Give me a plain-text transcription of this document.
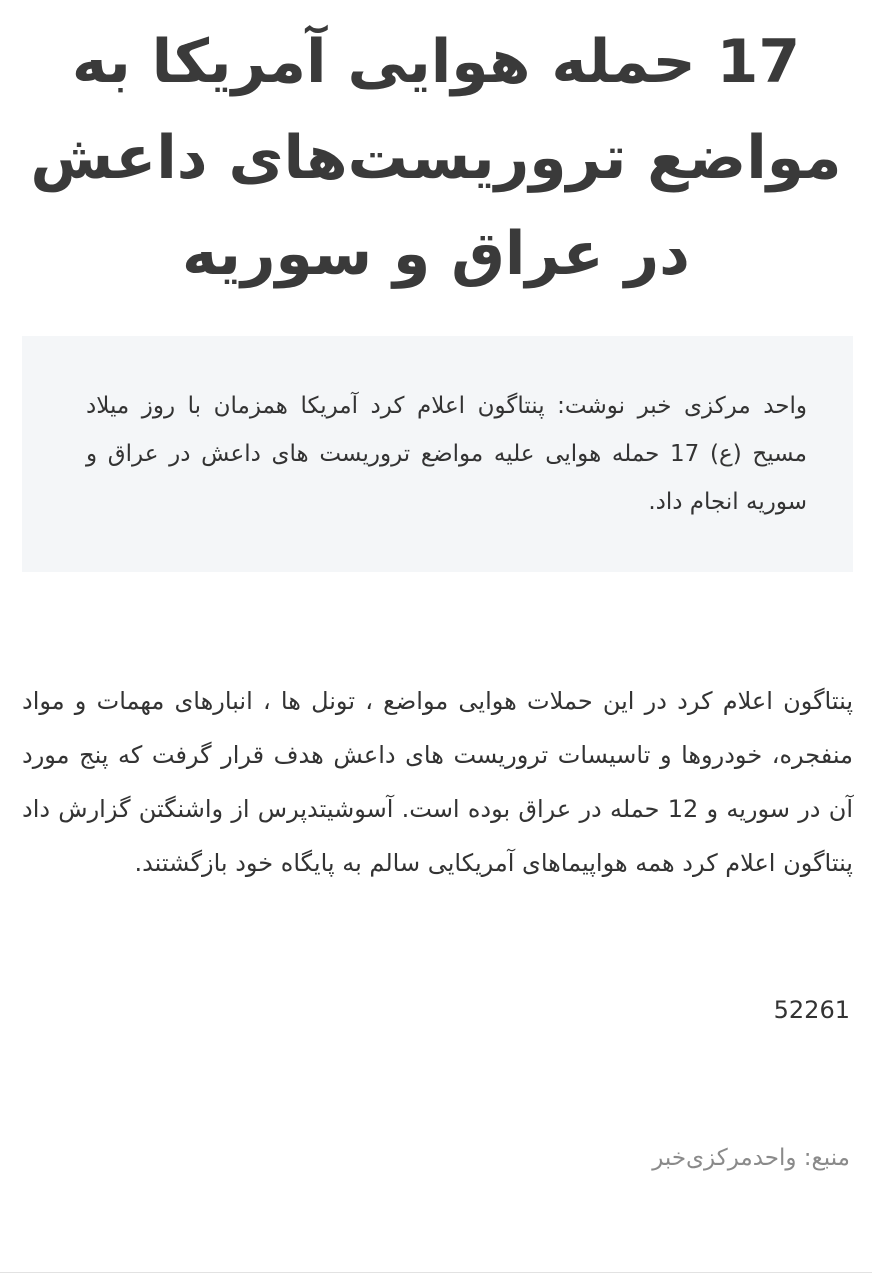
17 حمله هوایی آمریکا به مواضع تروریست‌های داعش در عراق و سوریه

واحد مرکزی خبر نوشت: پنتاگون اعلام کرد آمریکا همزمان با روز میلاد مسیح (ع) 17 حمله هوایی علیه مواضع تروریست های داعش در عراق و سوریه انجام داد.

پنتاگون اعلام کرد در این حملات هوایی مواضع ، تونل ها ، انبارهای مهمات و مواد منفجره، خودروها و تاسیسات تروریست های داعش هدف قرار گرفت که پنج مورد آن در سوریه و 12 حمله در عراق بوده است. آسوشیتدپرس از واشنگتن گزارش داد پنتاگون اعلام کرد همه هواپیماهای آمریکایی سالم به پایگاه خود بازگشتند.

52261

منبع: واحدمرکزی‌خبر
